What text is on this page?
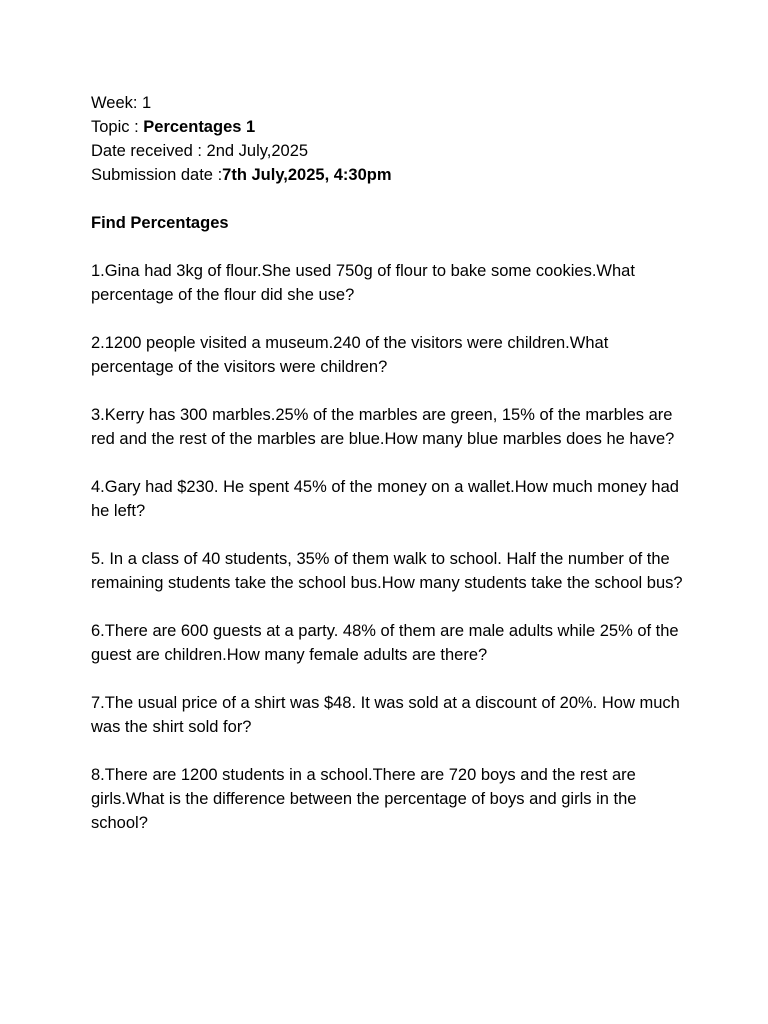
Week: 1

Topic : Percentages 1

Date received : 2nd July,2025

Submission date :7th July,2025, 4:30pm

Find Percentages

1.Gina had 3kg of flour.She used 750g of flour to bake some cookies.What percentage of the flour did she use?

2.1200 people visited a museum.240 of the visitors were children.What percentage of the visitors were children?

3.Kerry has 300 marbles.25% of the marbles are green, 15% of the marbles are red and the rest of the marbles are blue.How many blue marbles does he have?

4.Gary had $230. He spent 45% of the money on a wallet.How much money had he left?

5. In a class of 40 students, 35% of them walk to school. Half the number of the remaining students take the school bus.How many students take the school bus?

6.There are 600 guests at a party. 48% of them are male adults while 25% of the guest are children.How many female adults are there?

7.The usual price of a shirt was $48. It was sold at a discount of 20%. How much was the shirt sold for?

8.There are 1200 students in a school.There are 720 boys and the rest are girls.What is the difference between the percentage of boys and girls in the school?
